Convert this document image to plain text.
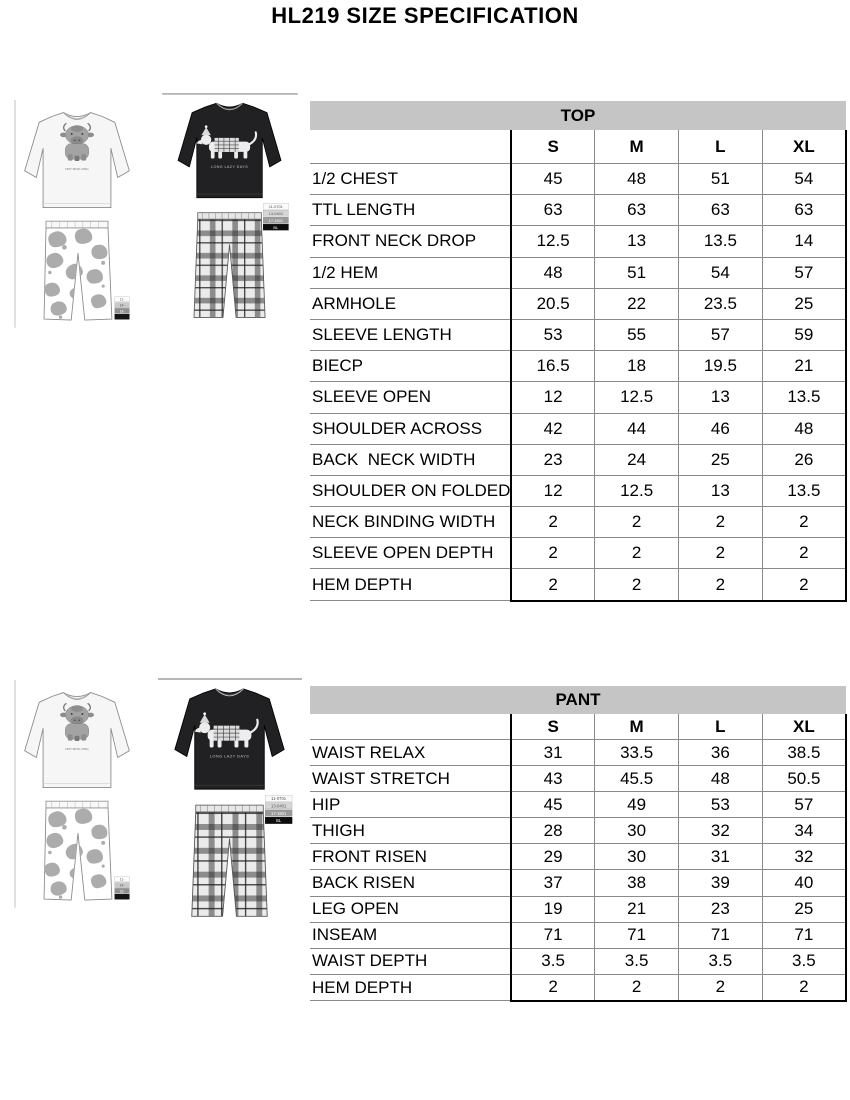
HL219 SIZE SPECIFICATION
TOP
	S	M	L	XL
1/2 CHEST	45	48	51	54
TTL LENGTH	63	63	63	63
FRONT NECK DROP	12.5	13	13.5	14
1/2 HEM	48	51	54	57
ARMHOLE	20.5	22	23.5	25
SLEEVE LENGTH	53	55	57	59
BIECP	16.5	18	19.5	21
SLEEVE OPEN	12	12.5	13	13.5
SHOULDER ACROSS	42	44	46	48
BACK  NECK WIDTH	23	24	25	26
SHOULDER ON FOLDED	12	12.5	13	13.5
NECK BINDING WIDTH	2	2	2	2
SLEEVE OPEN DEPTH	2	2	2	2
HEM DEPTH	2	2	2	2
PANT
	S	M	L	XL
WAIST RELAX	31	33.5	36	38.5
WAIST STRETCH	43	45.5	48	50.5
HIP	45	49	53	57
THIGH	28	30	32	34
FRONT RISEN	29	30	31	32
BACK RISEN	37	38	39	40
LEG OPEN	19	21	23	25
INSEAM	71	71	71	71
WAIST DEPTH	3.5	3.5	3.5	3.5
HEM DEPTH	2	2	2	2
